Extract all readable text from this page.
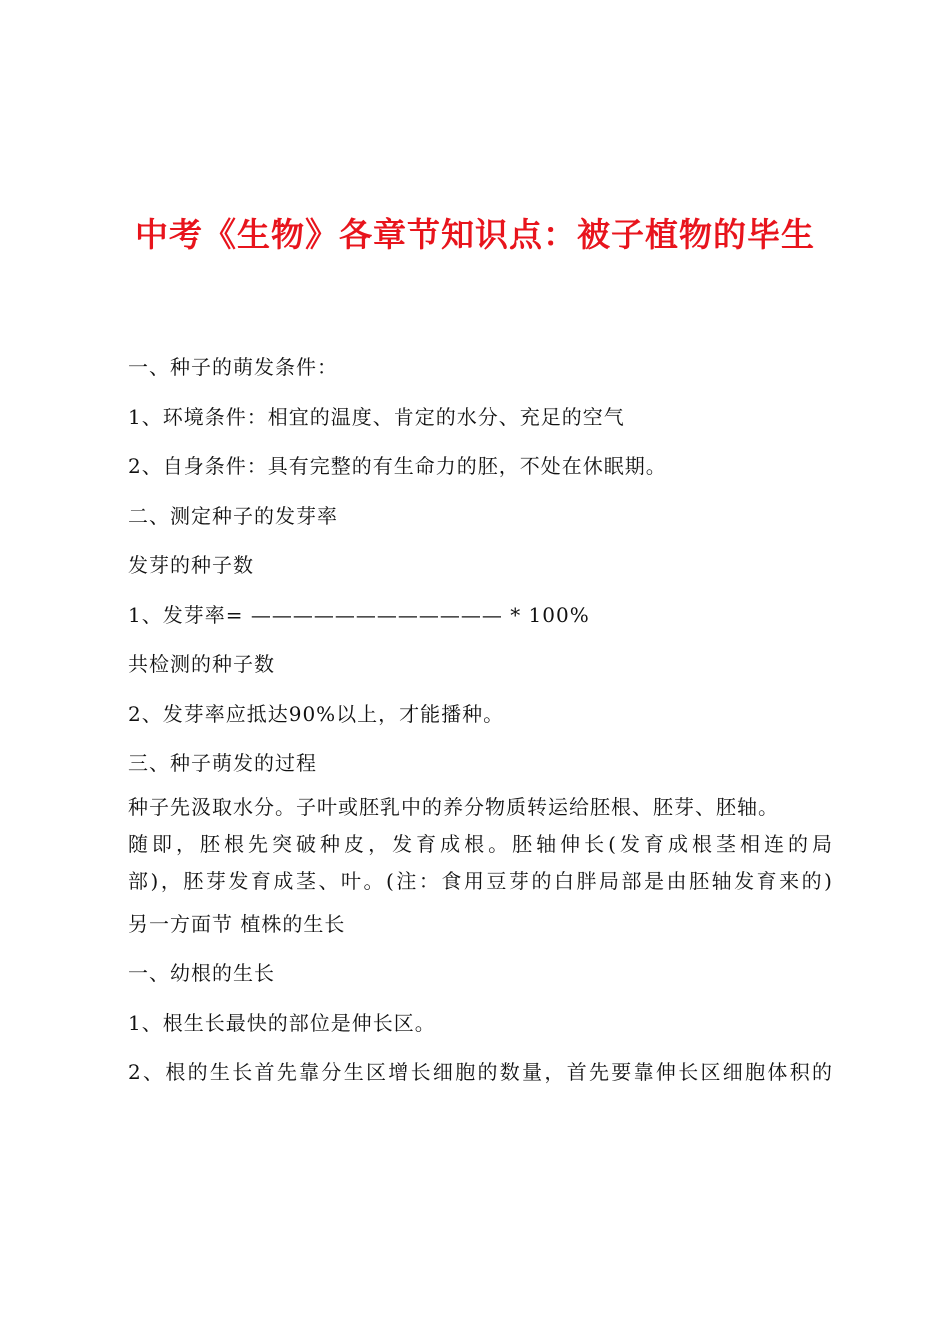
中考《生物》各章节知识点：被子植物的毕生
一、种子的萌发条件：
1、环境条件：相宜的温度、肯定的水分、充足的空气
2、自身条件：具有完整的有生命力的胚，不处在休眠期。
二、测定种子的发芽率
发芽的种子数
1、发芽率= ———————————— * 100%
共检测的种子数
2、发芽率应抵达90%以上，才能播种。
三、种子萌发的过程
种子先汲取水分。子叶或胚乳中的养分物质转运给胚根、胚芽、胚轴。
随即，胚根先突破种皮，发育成根。胚轴伸长(发育成根茎相连的局
部)，胚芽发育成茎、叶。(注：食用豆芽的白胖局部是由胚轴发育来的)
另一方面节 植株的生长
一、幼根的生长
1、根生长最快的部位是伸长区。
2、根的生长首先靠分生区增长细胞的数量，首先要靠伸长区细胞体积的
